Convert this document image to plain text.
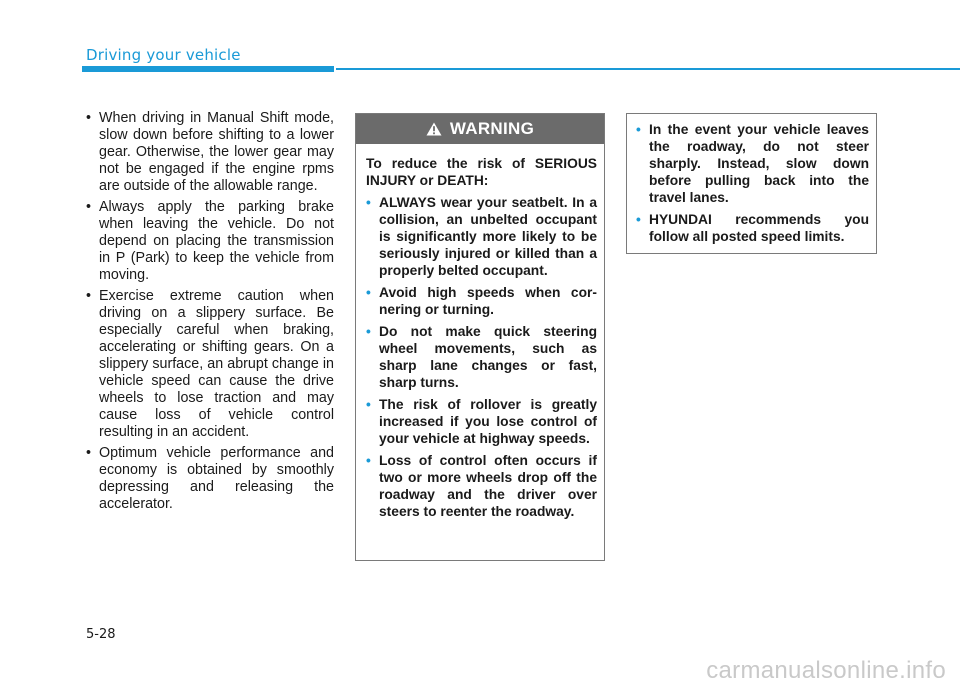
Driving your vehicle
• When driving in Manual Shift mode, slow down before shifting to a lower gear. Otherwise, the lower gear may not be engaged if the engine rpms are outside of the allowable range.
• Always apply the parking brake when leaving the vehicle. Do not depend on placing the transmission in P (Park) to keep the vehicle from moving.
• Exercise extreme caution when driving on a slippery surface. Be especially careful when braking, accelerating or shifting gears. On a slippery surface, an abrupt change in vehicle speed can cause the drive wheels to lose traction and may cause loss of vehicle control resulting in an accident.
• Optimum vehicle performance and economy is obtained by smoothly depressing and releasing the accelerator.
WARNING
To reduce the risk of SERIOUS INJURY or DEATH:
• ALWAYS wear your seatbelt. In a collision, an unbelted occupant is significantly more likely to be seriously injured or killed than a properly belted occupant.
• Avoid high speeds when cornering or turning.
• Do not make quick steering wheel movements, such as sharp lane changes or fast, sharp turns.
• The risk of rollover is greatly increased if you lose control of your vehicle at highway speeds.
• Loss of control often occurs if two or more wheels drop off the roadway and the driver over steers to reenter the roadway.
• In the event your vehicle leaves the roadway, do not steer sharply. Instead, slow down before pulling back into the travel lanes.
• HYUNDAI recommends you follow all posted speed limits.
5-28
carmanualsonline.info
